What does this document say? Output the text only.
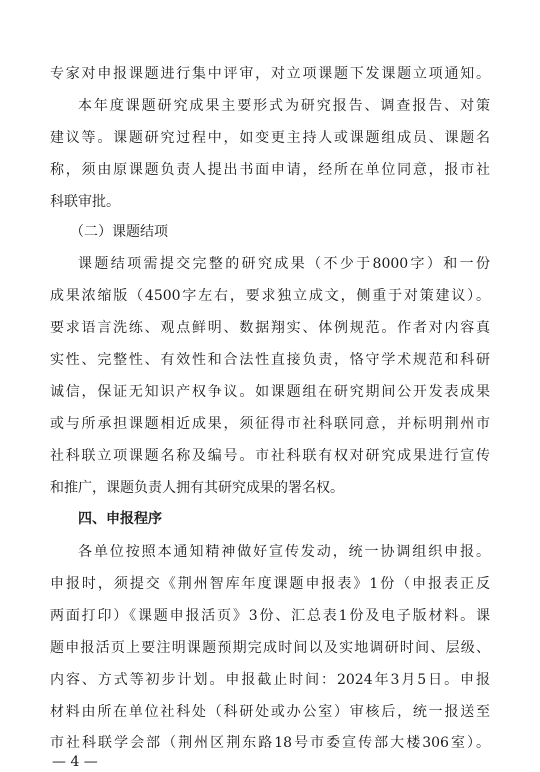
专家对申报课题进行集中评审，对立项课题下发课题立项通知。
本年度课题研究成果主要形式为研究报告、调查报告、对策
建议等。课题研究过程中，如变更主持人或课题组成员、课题名
称，须由原课题负责人提出书面申请，经所在单位同意，报市社
科联审批。
（二）课题结项
课题结项需提交完整的研究成果（不少于8000字）和一份
成果浓缩版（4500字左右，要求独立成文，侧重于对策建议）。
要求语言洗练、观点鲜明、数据翔实、体例规范。作者对内容真
实性、完整性、有效性和合法性直接负责，恪守学术规范和科研
诚信，保证无知识产权争议。如课题组在研究期间公开发表成果
或与所承担课题相近成果，须征得市社科联同意，并标明荆州市
社科联立项课题名称及编号。市社科联有权对研究成果进行宣传
和推广，课题负责人拥有其研究成果的署名权。
四、申报程序
各单位按照本通知精神做好宣传发动，统一协调组织申报。
申报时，须提交《荆州智库年度课题申报表》1份（申报表正反
两面打印）《课题申报活页》3份、汇总表1份及电子版材料。课
题申报活页上要注明课题预期完成时间以及实地调研时间、层级、
内容、方式等初步计划。申报截止时间：2024年3月5日。申报
材料由所在单位社科处（科研处或办公室）审核后，统一报送至
市社科联学会部（荆州区荆东路18号市委宣传部大楼306室）。
— 4 —
